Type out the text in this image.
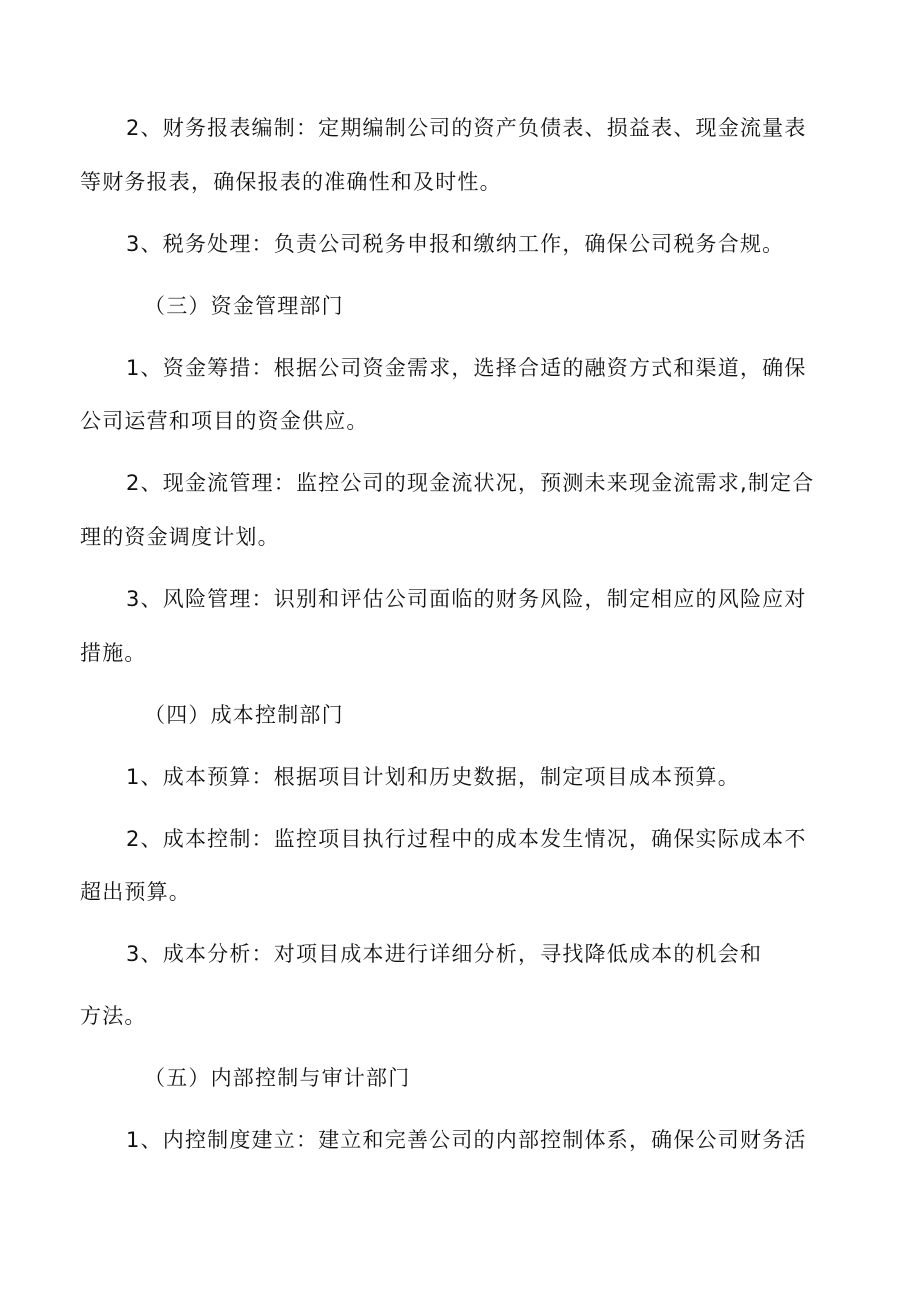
2、财务报表编制：定期编制公司的资产负债表、损益表、现金流量表
等财务报表，确保报表的准确性和及时性。
3、税务处理：负责公司税务申报和缴纳工作，确保公司税务合规。
（三）资金管理部门
1、资金筹措：根据公司资金需求，选择合适的融资方式和渠道，确保
公司运营和项目的资金供应。
2、现金流管理：监控公司的现金流状况，预测未来现金流需求,制定合
理的资金调度计划。
3、风险管理：识别和评估公司面临的财务风险，制定相应的风险应对
措施。
（四）成本控制部门
1、成本预算：根据项目计划和历史数据，制定项目成本预算。
2、成本控制：监控项目执行过程中的成本发生情况，确保实际成本不
超出预算。
3、成本分析：对项目成本进行详细分析，寻找降低成本的机会和
方法。
（五）内部控制与审计部门
1、内控制度建立：建立和完善公司的内部控制体系，确保公司财务活
